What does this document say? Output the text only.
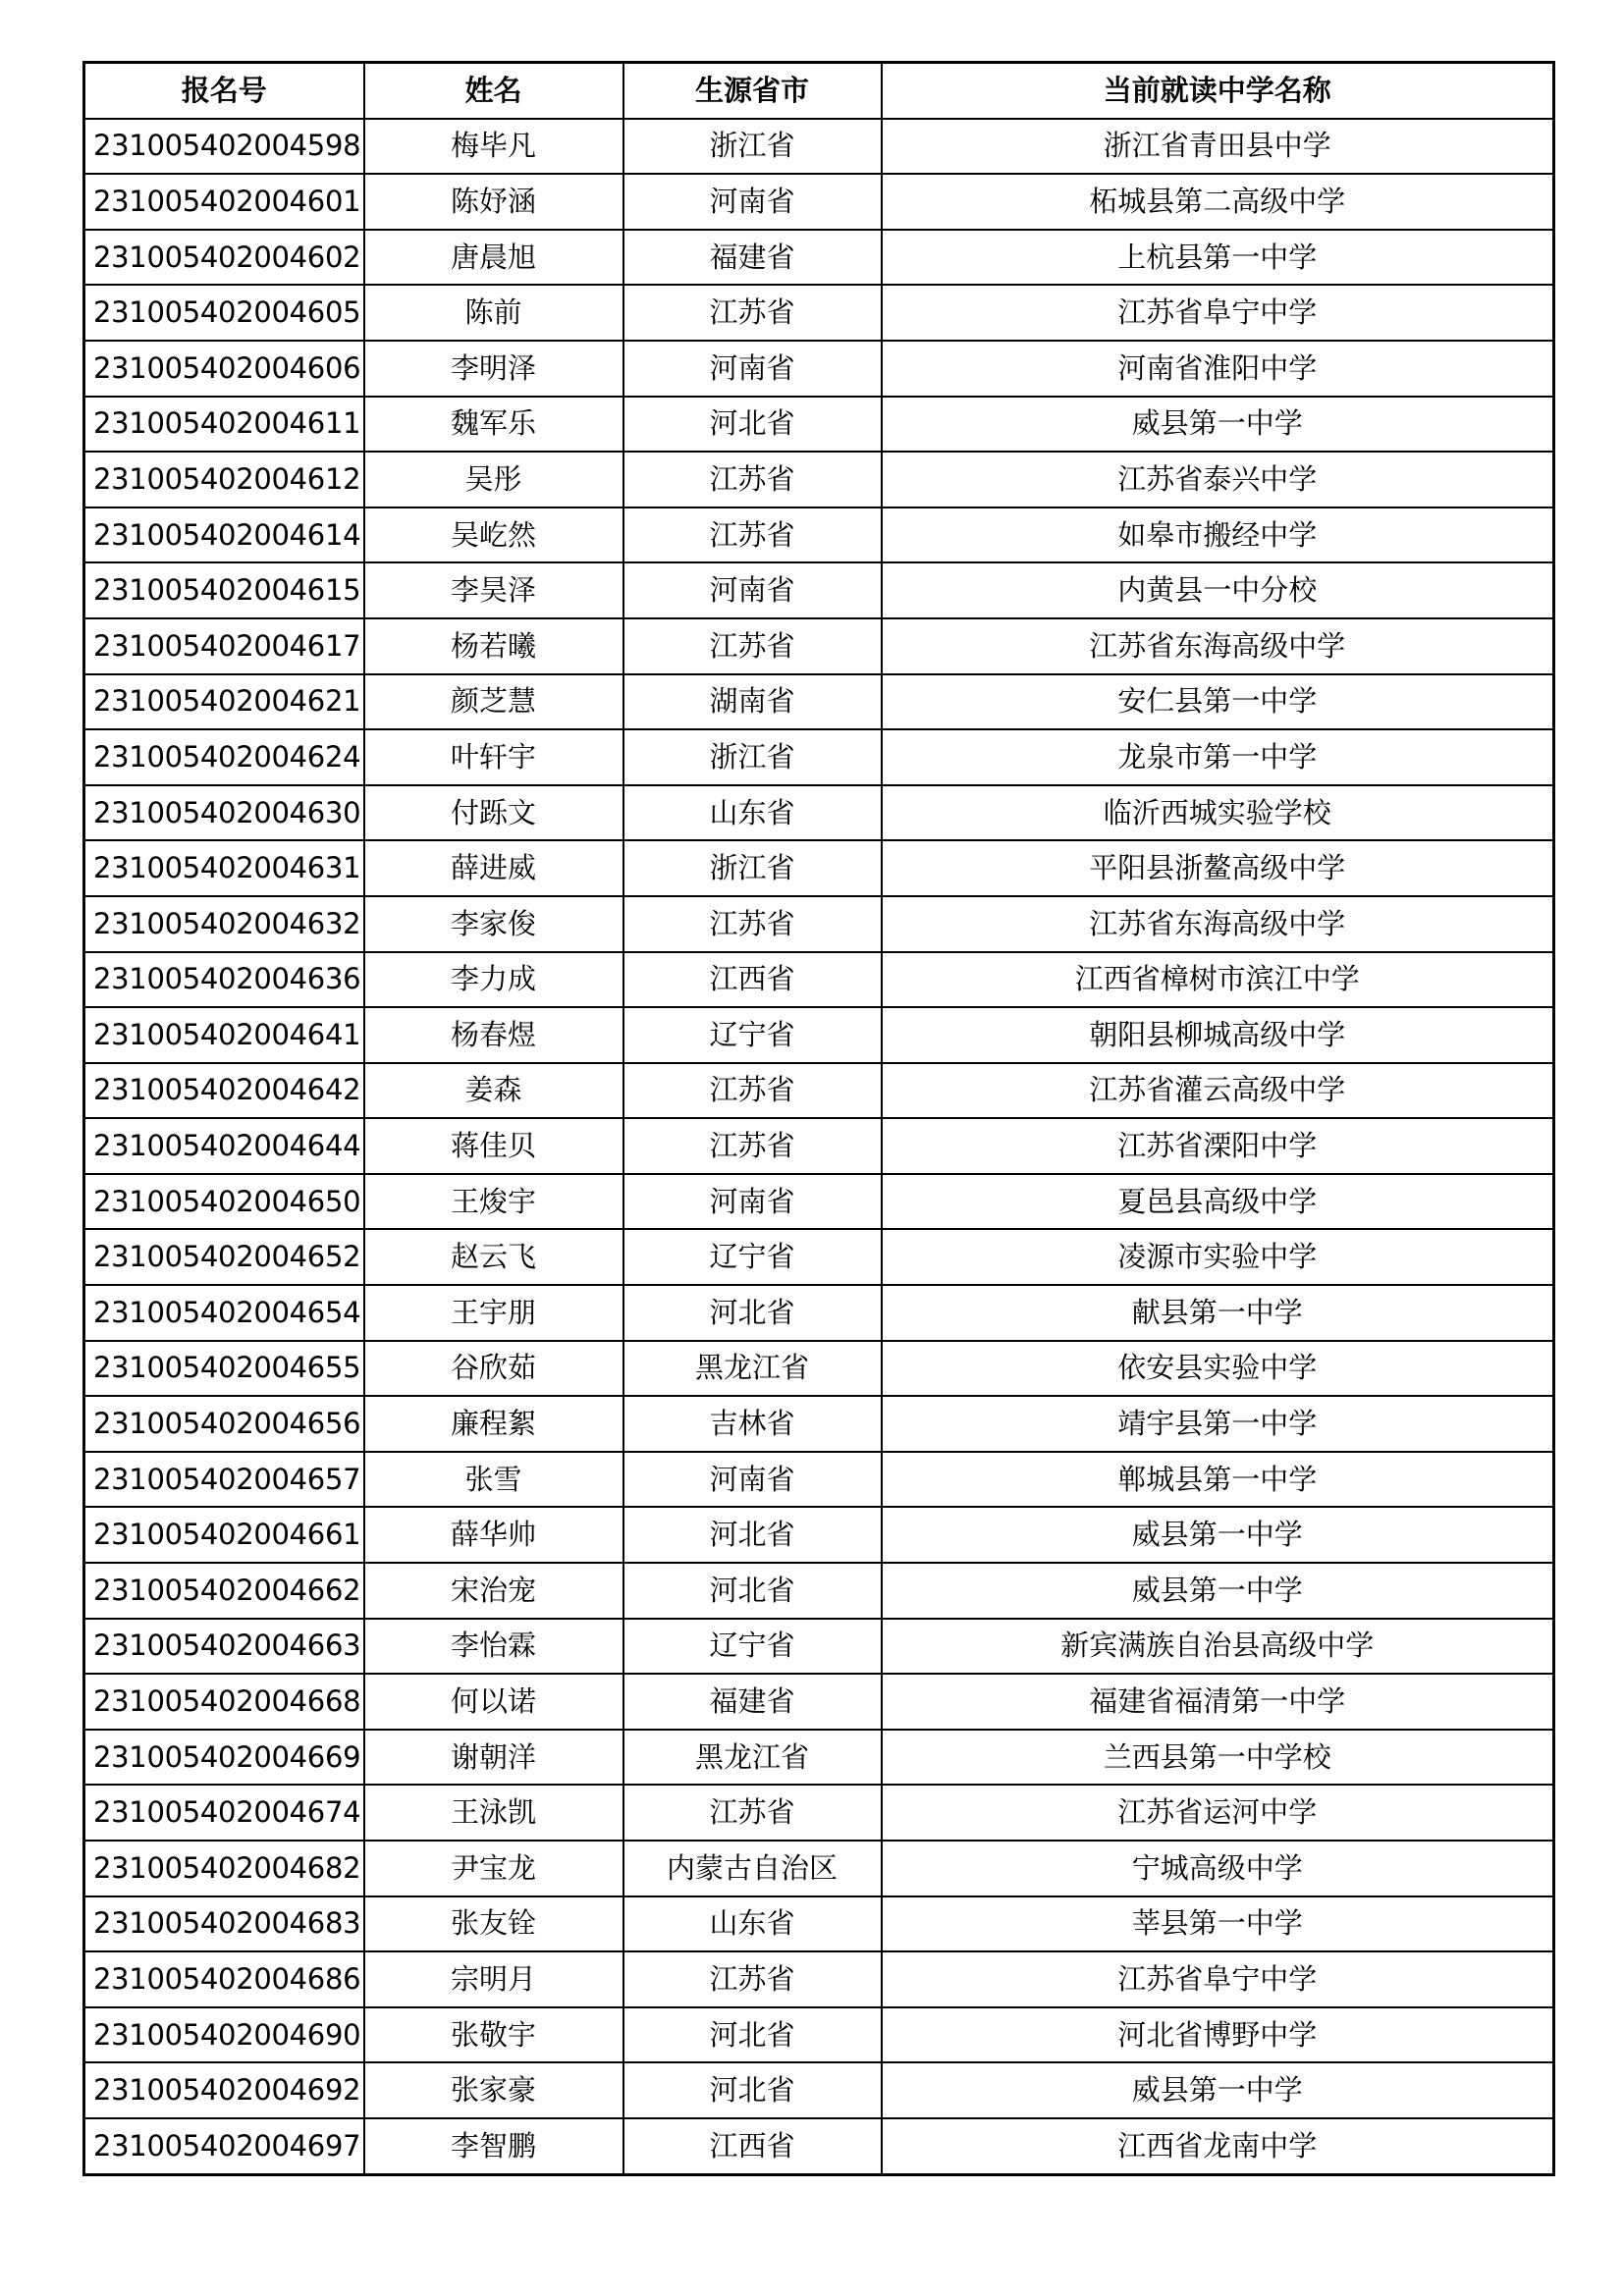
报名号	姓名	生源省市	当前就读中学名称
231005402004598	梅毕凡	浙江省	浙江省青田县中学
231005402004601	陈妤涵	河南省	柘城县第二高级中学
231005402004602	唐晨旭	福建省	上杭县第一中学
231005402004605	陈前	江苏省	江苏省阜宁中学
231005402004606	李明泽	河南省	河南省淮阳中学
231005402004611	魏军乐	河北省	威县第一中学
231005402004612	吴彤	江苏省	江苏省泰兴中学
231005402004614	吴屹然	江苏省	如皋市搬经中学
231005402004615	李昊泽	河南省	内黄县一中分校
231005402004617	杨若曦	江苏省	江苏省东海高级中学
231005402004621	颜芝慧	湖南省	安仁县第一中学
231005402004624	叶轩宇	浙江省	龙泉市第一中学
231005402004630	付跞文	山东省	临沂西城实验学校
231005402004631	薛进威	浙江省	平阳县浙鳌高级中学
231005402004632	李家俊	江苏省	江苏省东海高级中学
231005402004636	李力成	江西省	江西省樟树市滨江中学
231005402004641	杨春煜	辽宁省	朝阳县柳城高级中学
231005402004642	姜森	江苏省	江苏省灌云高级中学
231005402004644	蒋佳贝	江苏省	江苏省溧阳中学
231005402004650	王焌宇	河南省	夏邑县高级中学
231005402004652	赵云飞	辽宁省	凌源市实验中学
231005402004654	王宇朋	河北省	献县第一中学
231005402004655	谷欣茹	黑龙江省	依安县实验中学
231005402004656	廉程絮	吉林省	靖宇县第一中学
231005402004657	张雪	河南省	郸城县第一中学
231005402004661	薛华帅	河北省	威县第一中学
231005402004662	宋治宠	河北省	威县第一中学
231005402004663	李怡霖	辽宁省	新宾满族自治县高级中学
231005402004668	何以诺	福建省	福建省福清第一中学
231005402004669	谢朝洋	黑龙江省	兰西县第一中学校
231005402004674	王泳凯	江苏省	江苏省运河中学
231005402004682	尹宝龙	内蒙古自治区	宁城高级中学
231005402004683	张友铨	山东省	莘县第一中学
231005402004686	宗明月	江苏省	江苏省阜宁中学
231005402004690	张敬宇	河北省	河北省博野中学
231005402004692	张家豪	河北省	威县第一中学
231005402004697	李智鹏	江西省	江西省龙南中学
